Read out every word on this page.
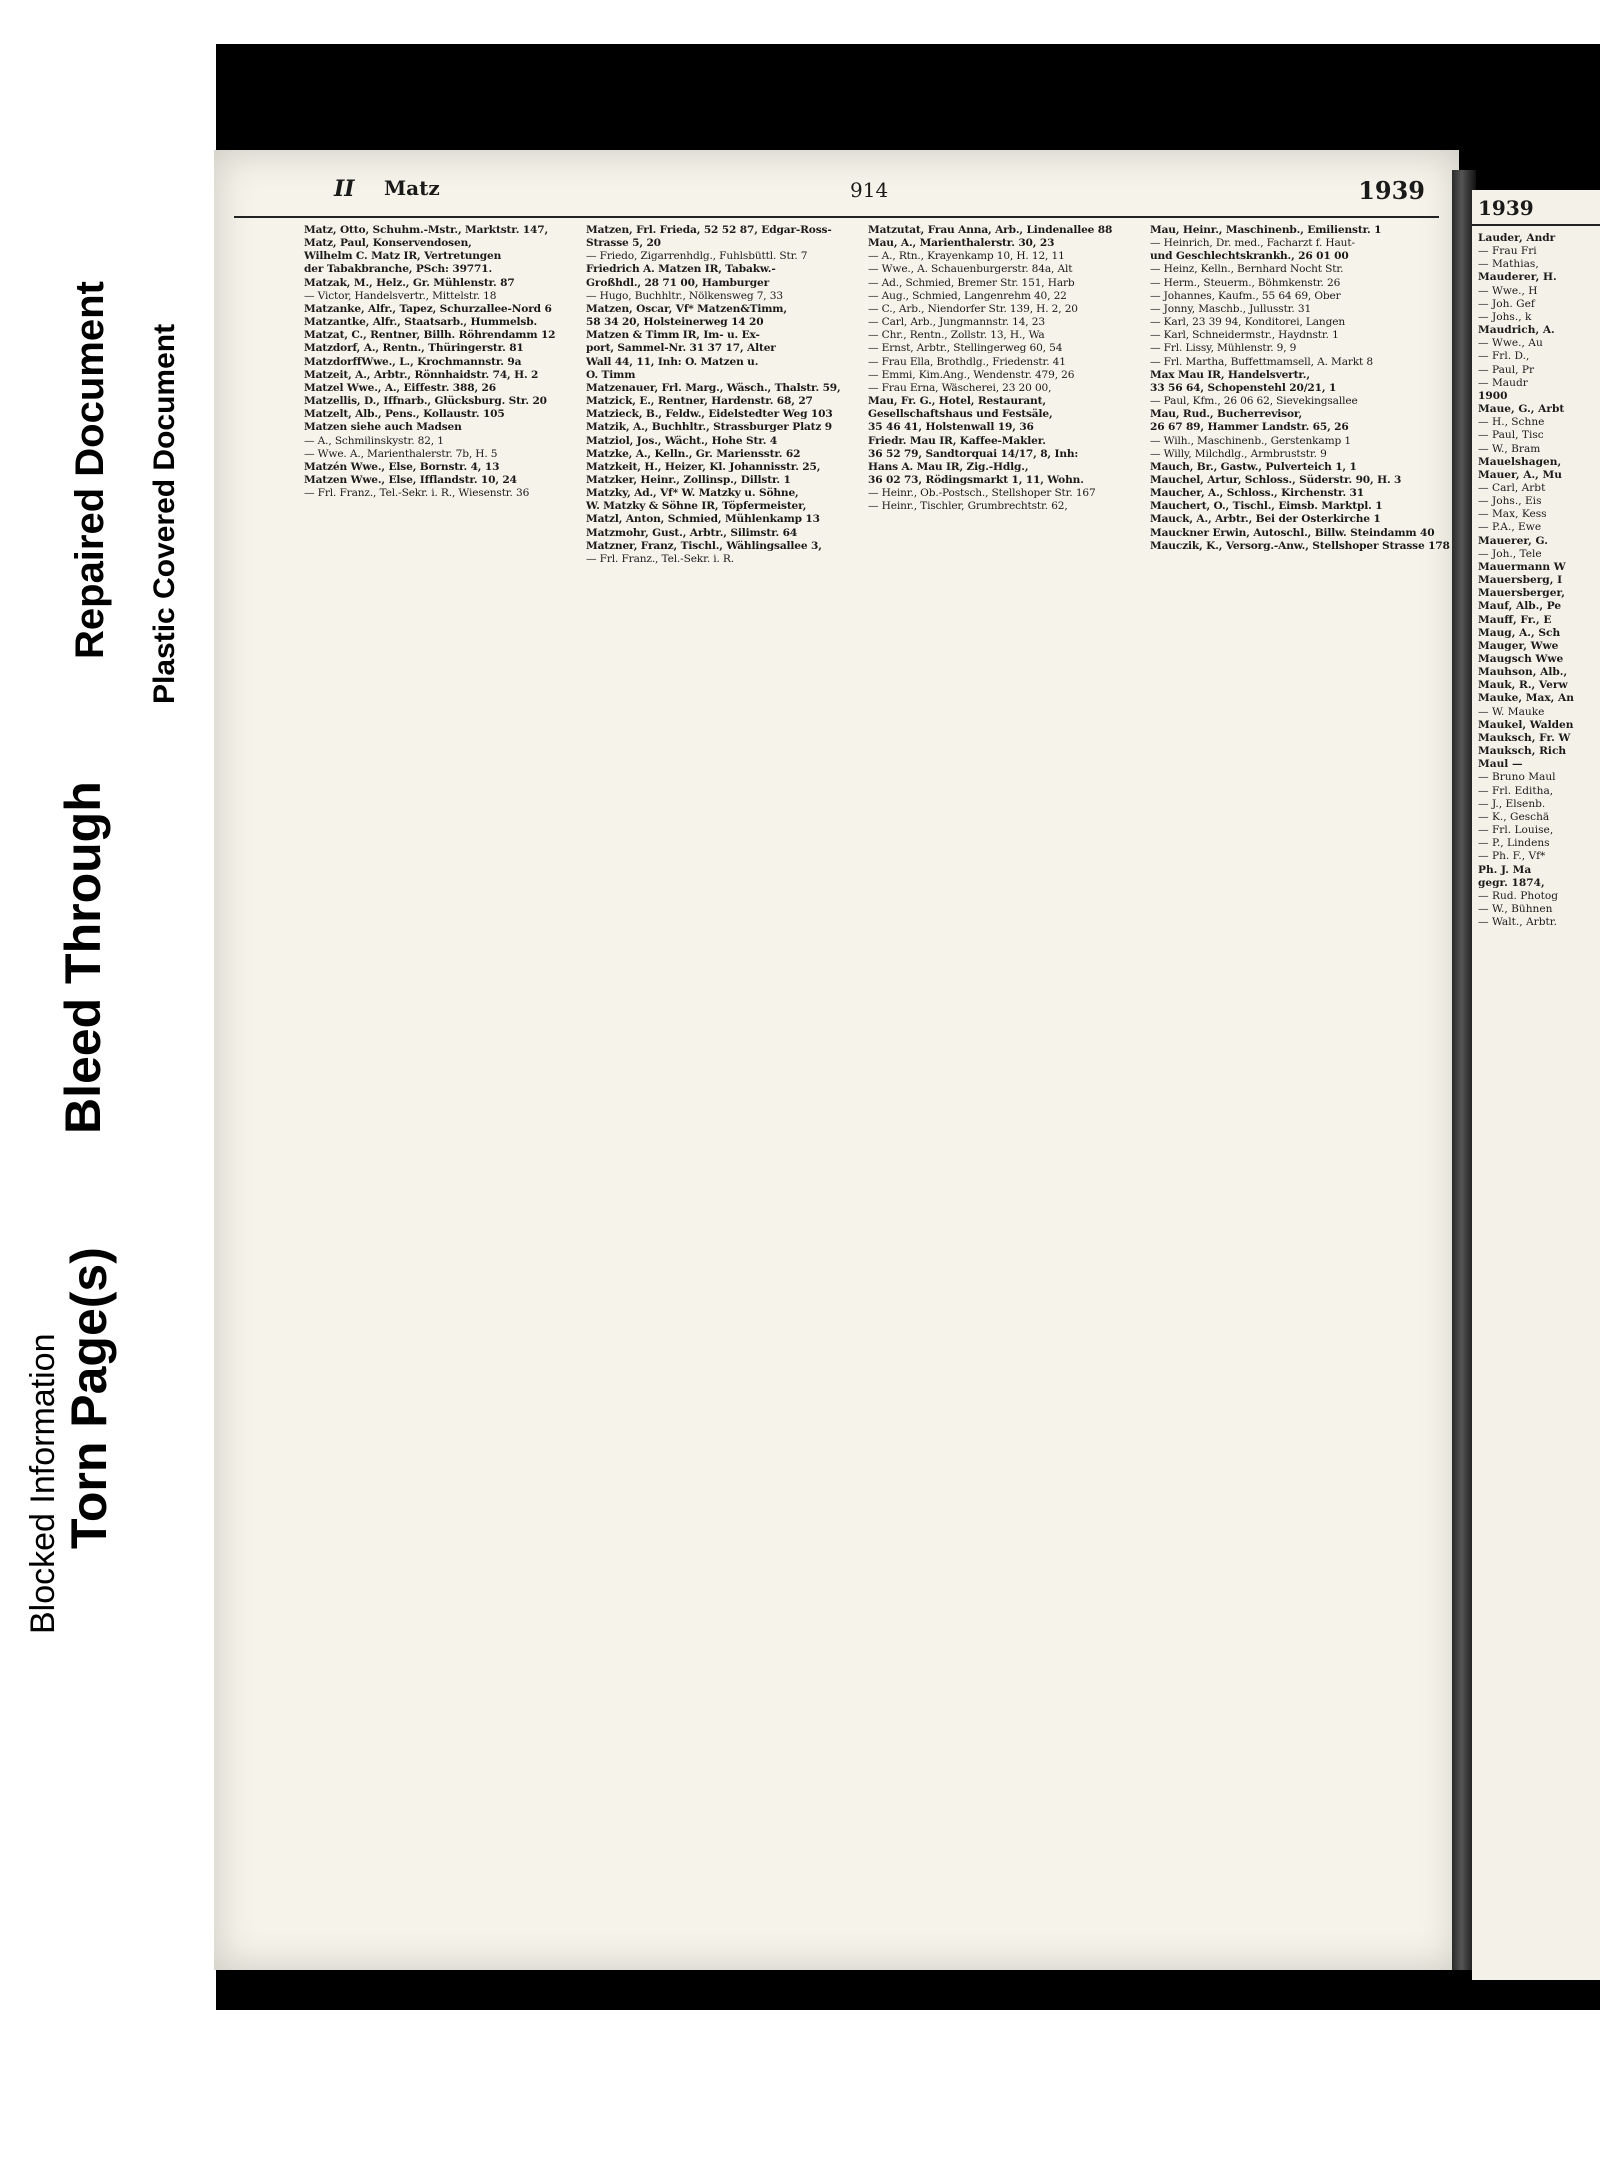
Blocked Information Torn Page(s)
Bleed Through
Repaired Document Plastic Covered Document
II Matz	914	1939
Matz, Otto, Schuhm.-Mstr., Marktstr. 147,
Matz, Paul, Konservendosen,
Wilhelm C. Matz IR, Vertretungen
der Tabakbranche, PSch: 39771.
Matzak, M., Helz., Gr. Mühlenstr. 87
— Victor, Handelsvertr., Mittelstr. 18
Matzanke, Alfr., Tapez, Schurzallee-Nord 6
Matzantke, Alfr., Staatsarb., Hummelsb.
Matzat, C., Rentner, Billh. Röhrendamm 12
Matzdorf, A., Rentn., Thüringerstr. 81
MatzdorffWwe., L., Krochmannstr. 9a
Matzeit, A., Arbtr., Rönnhaidstr. 74, H. 2
Matzel Wwe., A., Eiffestr. 388, 26
Matzellis, D., Iffnarb., Glücksburg. Str. 20
Matzelt, Alb., Pens., Kollaustr. 105
Matzen siehe auch Madsen
— A., Schmilinskystr. 82, 1
— Wwe. A., Marienthalerstr. 7b, H. 5
Matzén Wwe., Else, Bornstr. 4, 13
Matzen Wwe., Else, Ifflandstr. 10, 24
— Frl. Franz., Tel.-Sekr. i. R., Wiesenstr. 36
Matzen, Frl. Frieda, 52 52 87, Edgar-Ross-
Strasse 5, 20
— Friedo, Zigarrenhdlg., Fuhlsbüttl. Str. 7
Friedrich A. Matzen IR, Tabakw.-
Großhdl., 28 71 00, Hamburger
— Hugo, Buchhltr., Nölkensweg 7, 33
Matzen, Oscar, Vf* Matzen&Timm,
58 34 20, Holsteinerweg 14 20
Matzen & Timm IR, Im- u. Ex-
port, Sammel-Nr. 31 37 17, Alter
Wall 44, 11, Inh: O. Matzen u.
O. Timm
Matzenauer, Frl. Marg., Wäsch., Thalstr. 59,
Matzick, E., Rentner, Hardenstr. 68, 27
Matzieck, B., Feldw., Eidelstedter Weg 103
Matzik, A., Buchhltr., Strassburger Platz 9
Matziol, Jos., Wächt., Hohe Str. 4
Matzke, A., Kelln., Gr. Mariensstr. 62
Matzkeit, H., Heizer, Kl. Johannisstr. 25,
Matzker, Heinr., Zollinsp., Dillstr. 1
Matzky, Ad., Vf* W. Matzky u. Söhne,
W. Matzky & Söhne IR, Töpfermeister,
Matzl, Anton, Schmied, Mühlenkamp 13
Matzmohr, Gust., Arbtr., Silimstr. 64
Matzner, Franz, Tischl., Wählingsallee 3,
— Frl. Franz., Tel.-Sekr. i. R.
Matzutat, Frau Anna, Arb., Lindenallee 88
Mau, A., Marienthalerstr. 30, 23
— A., Rtn., Krayenkamp 10, H. 12, 11
— Wwe., A. Schauenburgerstr. 84a, Alt
— Ad., Schmied, Bremer Str. 151, Harb
— Aug., Schmied, Langenrehm 40, 22
— C., Arb., Niendorfer Str. 139, H. 2, 20
— Carl, Arb., Jungmannstr. 14, 23
— Chr., Rentn., Zollstr. 13, H., Wa
— Ernst, Arbtr., Stellingerweg 60, 54
— Frau Ella, Brothdlg., Friedenstr. 41
— Emmi, Kim.Ang., Wendenstr. 479, 26
— Frau Erna, Wäscherei, 23 20 00,
Mau, Fr. G., Hotel, Restaurant,
Gesellschaftshaus und Festsäle,
35 46 41, Holstenwall 19, 36
Friedr. Mau IR, Kaffee-Makler.
36 52 79, Sandtorquai 14/17, 8, Inh:
Hans A. Mau IR, Zig.-Hdlg.,
36 02 73, Rödingsmarkt 1, 11, Wohn.
— Heinr., Ob.-Postsch., Stellshoper Str. 167
— Heinr., Tischler, Grumbrechtstr. 62,
Mau, Heinr., Maschinenb., Emilienstr. 1
— Heinrich, Dr. med., Facharzt f. Haut-
und Geschlechtskrankh., 26 01 00
— Heinz, Kelln., Bernhard Nocht Str.
— Herm., Steuerm., Böhmkenstr. 26
— Johannes, Kaufm., 55 64 69, Ober
— Jonny, Maschb., Jullusstr. 31
— Karl, 23 39 94, Konditorei, Langen
— Karl, Schneidermstr., Haydnstr. 1
— Frl. Lissy, Mühlenstr. 9, 9
— Frl. Martha, Buffettmamsell, A. Markt 8
Max Mau IR, Handelsvertr.,
33 56 64, Schopenstehl 20/21, 1
— Paul, Kfm., 26 06 62, Sievekingsallee
Mau, Rud., Bucherrevisor,
26 67 89, Hammer Landstr. 65, 26
— Wilh., Maschinenb., Gerstenkamp 1
— Willy, Milchdlg., Armbruststr. 9
Mauch, Br., Gastw., Pulverteich 1, 1
Mauchel, Artur, Schloss., Süderstr. 90, H. 3
Maucher, A., Schloss., Kirchenstr. 31
Mauchert, O., Tischl., Eimsb. Marktpl. 1
Mauck, A., Arbtr., Bei der Osterkirche 1
Mauckner Erwin, Autoschl., Billw. Steindamm 40
Mauczik, K., Versorg.-Anw., Stellshoper Strasse 178
1939
Lauder, Andr
— Frau Fri
— Mathias,
Mauderer, H.
— Wwe., H
— Joh. Gef
— Johs., k
Maudrich, A.
— Wwe., Au
— Frl. D.,
— Paul, Pr
— Maudr
1900
Maue, G., Arbt
— H., Schne
— Paul, Tisc
— W., Bram
Mauelshagen,
Mauer, A., Mu
— Carl, Arbt
— Johs., Eis
— Max, Kess
— P.A., Ewe
Mauerer, G.
— Joh., Tele
Mauermann W
Mauersberg, I
Mauersberger,
Mauf, Alb., Pe
Mauff, Fr., E
Maug, A., Sch
Mauger, Wwe
Maugsch Wwe
Mauhson, Alb.,
Mauk, R., Verw
Mauke, Max, An
— W. Mauke
Maukel, Walden
Mauksch, Fr. W
Mauksch, Rich
Maul —
— Bruno Maul
— Frl. Editha,
— J., Elsenb.
— K., Geschä
— Frl. Louise,
— P., Lindens
— Ph. F., Vf*
Ph. J. Ma
gegr. 1874,
— Rud. Photog
— W., Bühnen
— Walt., Arbtr.
